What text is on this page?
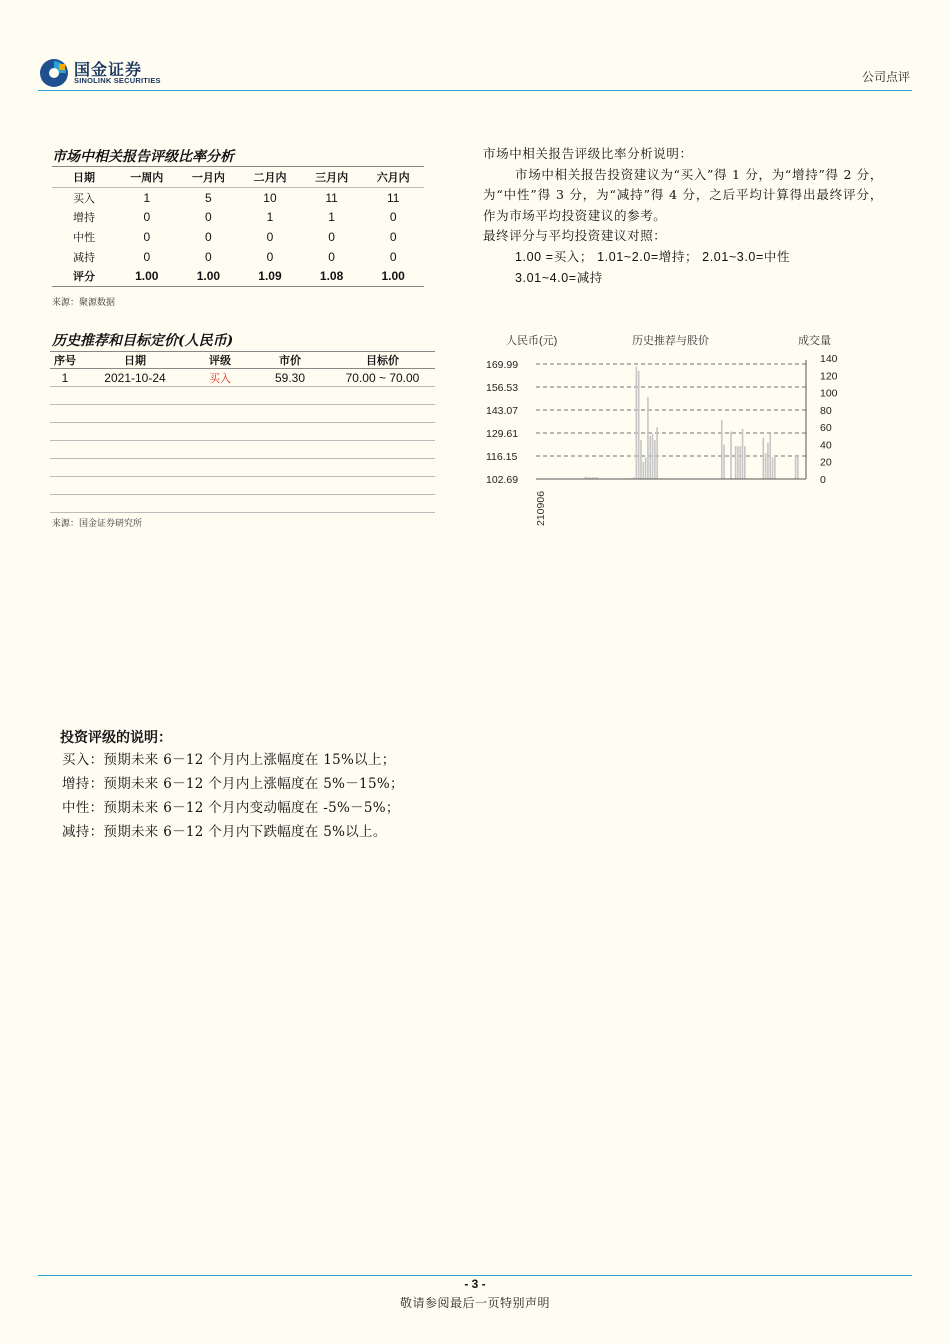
国金证券
SINOLINK SECURITIES	公司点评
市场中相关报告评级比率分析
日期	一周内	一月内	二月内	三月内	六月内
买入	1	5	10	11	11
增持	0	0	1	1	0
中性	0	0	0	0	0
减持	0	0	0	0	0
评分	1.00	1.00	1.09	1.08	1.00
来源：聚源数据

市场中相关报告评级比率分析说明：

市场中相关报告投资建议为“买入”得 1 分，为“增持”得 2 分，为“中性”得 3 分，为“减持”得 4 分，之后平均计算得出最终评分，作为市场平均投资建议的参考。

最终评分与平均投资建议对照：

1.00 =买入； 1.01~2.0=增持； 2.01~3.0=中性

3.01~4.0=减持

历史推荐和目标定价(人民币)
序号	日期	评级	市价	目标价
1	2021-10-24	买入	59.30	70.00 ~ 70.00

来源：国金证券研究所
人民币(元)	历史推荐与股价	成交量
169.99
156.53
143.07
129.61
116.15
102.69
140
120
100
80
60
40
20
0
210906
投资评级的说明：
买入：预期未来 6－12 个月内上涨幅度在 15%以上；
增持：预期未来 6－12 个月内上涨幅度在 5%－15%；
中性：预期未来 6－12 个月内变动幅度在 -5%－5%；
减持：预期未来 6－12 个月内下跌幅度在 5%以上。
- 3 -
敬请参阅最后一页特别声明
